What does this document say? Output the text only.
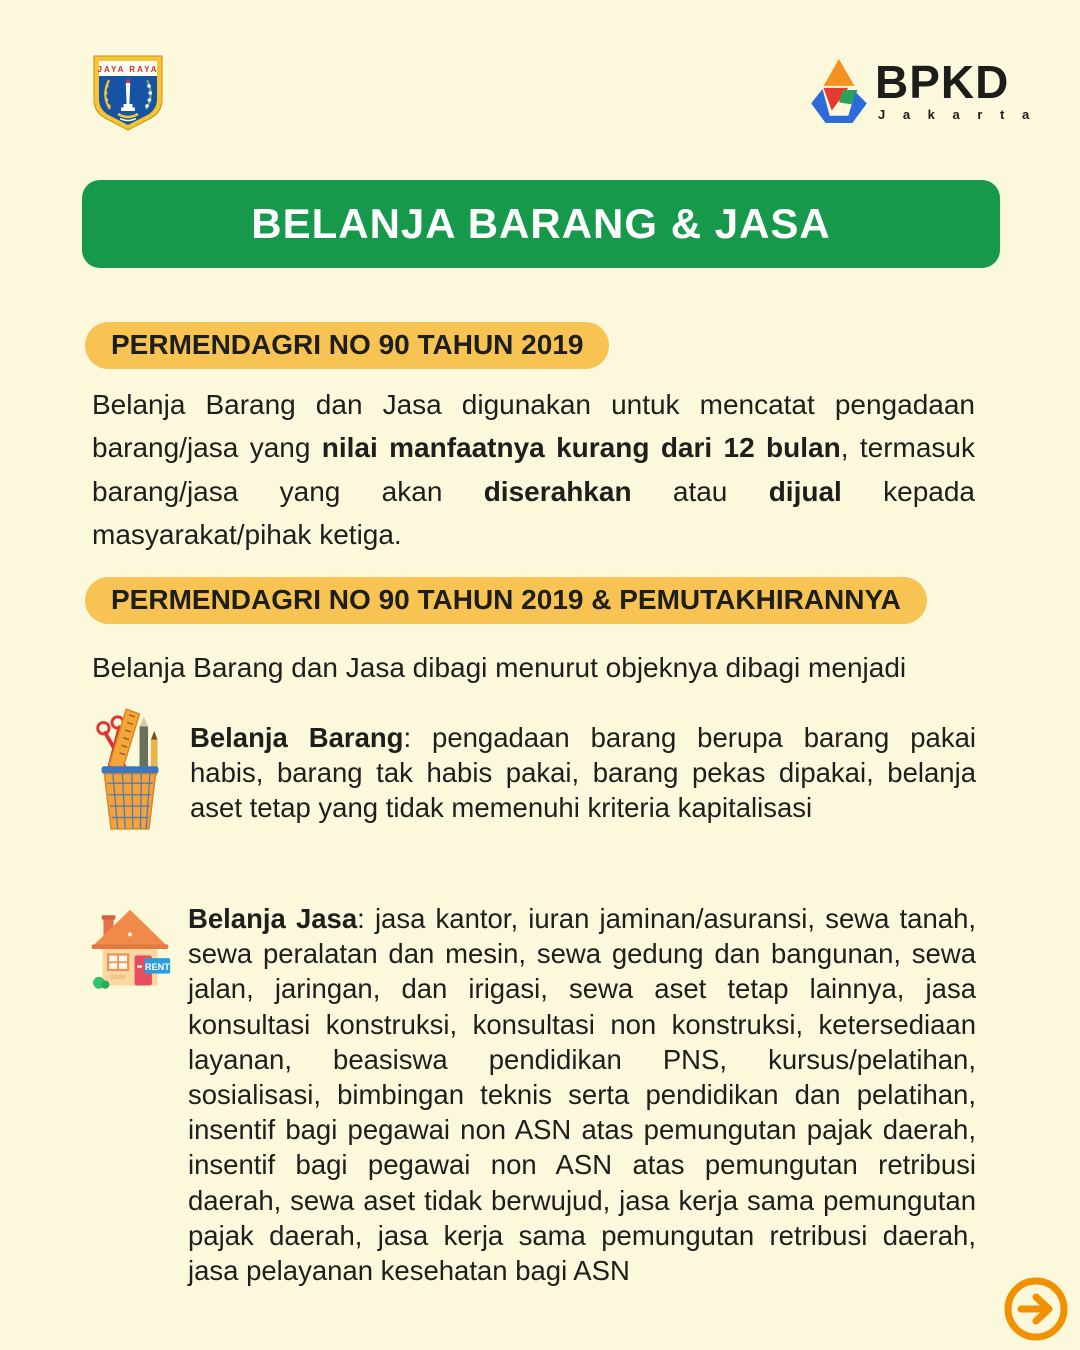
JAYA RAYA	BPKD
J a k a r t a
BELANJA BARANG & JASA
PERMENDAGRI NO 90 TAHUN 2019

Belanja Barang dan Jasa digunakan untuk mencatat pengadaan barang/jasa yang nilai manfaatnya kurang dari 12 bulan, termasuk barang/jasa yang akan diserahkan atau dijual kepada masyarakat/pihak ketiga.

PERMENDAGRI NO 90 TAHUN 2019 & PEMUTAKHIRANNYA

Belanja Barang dan Jasa dibagi menurut objeknya dibagi menjadi

Belanja Barang: pengadaan barang berupa barang pakai habis, barang tak habis pakai, barang pekas dipakai, belanja aset tetap yang tidak memenuhi kriteria kapitalisasi

RENT

Belanja Jasa: jasa kantor, iuran jaminan/asuransi, sewa tanah, sewa peralatan dan mesin, sewa gedung dan bangunan, sewa jalan, jaringan, dan irigasi, sewa aset tetap lainnya, jasa konsultasi konstruksi, konsultasi non konstruksi, ketersediaan layanan, beasiswa pendidikan PNS, kursus/pelatihan, sosialisasi, bimbingan teknis serta pendidikan dan pelatihan, insentif bagi pegawai non ASN atas pemungutan pajak daerah, insentif bagi pegawai non ASN atas pemungutan retribusi daerah, sewa aset tidak berwujud, jasa kerja sama pemungutan pajak daerah, jasa kerja sama pemungutan retribusi daerah, jasa pelayanan kesehatan bagi ASN
